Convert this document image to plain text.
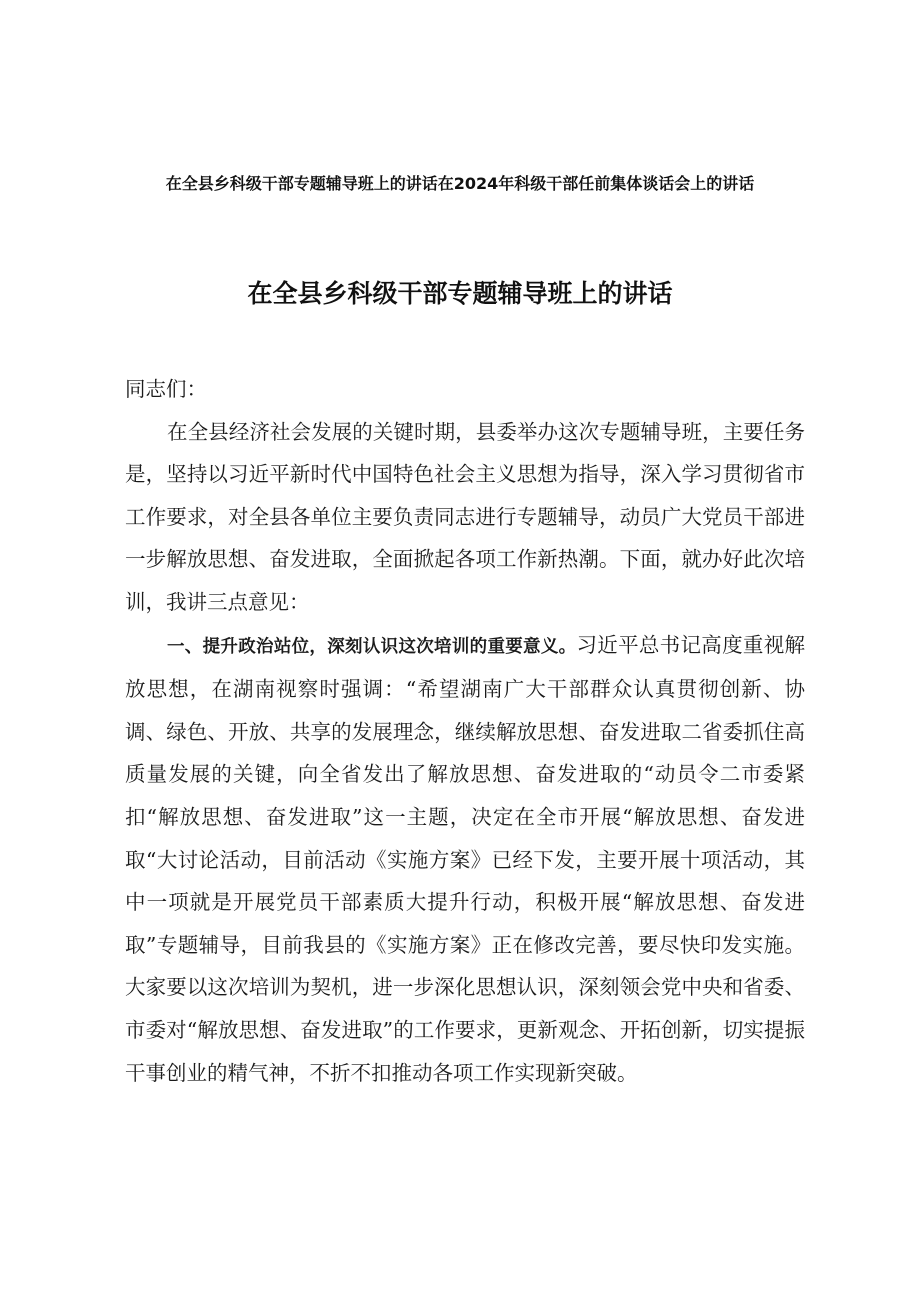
在全县乡科级干部专题辅导班上的讲话在2024年科级干部任前集体谈话会上的讲话
在全县乡科级干部专题辅导班上的讲话

同志们：

在全县经济社会发展的关键时期，县委举办这次专题辅导班，主要任务是，坚持以习近平新时代中国特色社会主义思想为指导，深入学习贯彻省市工作要求，对全县各单位主要负责同志进行专题辅导，动员广大党员干部进一步解放思想、奋发进取，全面掀起各项工作新热潮。下面，就办好此次培训，我讲三点意见：

一、提升政治站位，深刻认识这次培训的重要意义。习近平总书记高度重视解放思想，在湖南视察时强调：“希望湖南广大干部群众认真贯彻创新、协调、绿色、开放、共享的发展理念，继续解放思想、奋发进取二省委抓住高质量发展的关键，向全省发出了解放思想、奋发进取的“动员令二市委紧扣“解放思想、奋发进取”这一主题，决定在全市开展“解放思想、奋发进取“大讨论活动，目前活动《实施方案》已经下发，主要开展十项活动，其中一项就是开展党员干部素质大提升行动，积极开展“解放思想、奋发进取”专题辅导，目前我县的《实施方案》正在修改完善，要尽快印发实施。大家要以这次培训为契机，进一步深化思想认识，深刻领会党中央和省委、市委对“解放思想、奋发进取”的工作要求，更新观念、开拓创新，切实提振干事创业的精气神，不折不扣推动各项工作实现新突破。
